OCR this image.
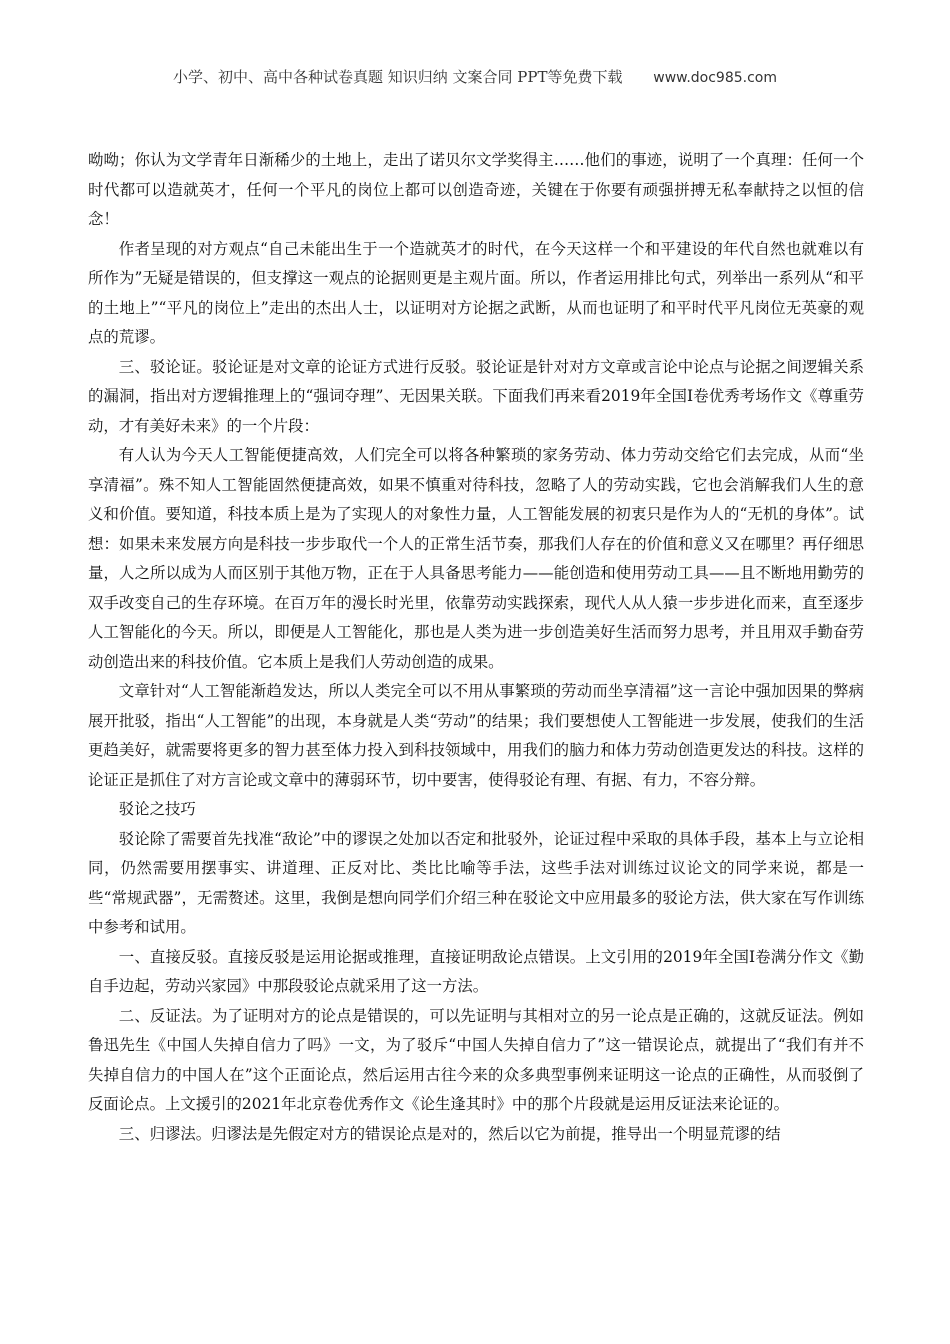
小学、初中、高中各种试卷真题 知识归纳 文案合同 PPT等免费下载 www.doc985.com

呦呦；你认为文学青年日渐稀少的土地上，走出了诺贝尔文学奖得主……他们的事迹，说明了一个真理：任何一个时代都可以造就英才，任何一个平凡的岗位上都可以创造奇迹，关键在于你要有顽强拼搏无私奉献持之以恒的信念！

作者呈现的对方观点“自己未能出生于一个造就英才的时代，在今天这样一个和平建设的年代自然也就难以有所作为”无疑是错误的，但支撑这一观点的论据则更是主观片面。所以，作者运用排比句式，列举出一系列从“和平的土地上”“平凡的岗位上”走出的杰出人士，以证明对方论据之武断，从而也证明了和平时代平凡岗位无英豪的观点的荒谬。

三、驳论证。驳论证是对文章的论证方式进行反驳。驳论证是针对对方文章或言论中论点与论据之间逻辑关系的漏洞，指出对方逻辑推理上的“强词夺理”、无因果关联。下面我们再来看2019年全国Ⅰ卷优秀考场作文《尊重劳动，才有美好未来》的一个片段：

有人认为今天人工智能便捷高效，人们完全可以将各种繁琐的家务劳动、体力劳动交给它们去完成，从而“坐享清福”。殊不知人工智能固然便捷高效，如果不慎重对待科技，忽略了人的劳动实践，它也会消解我们人生的意义和价值。要知道，科技本质上是为了实现人的对象性力量，人工智能发展的初衷只是作为人的“无机的身体”。试想：如果未来发展方向是科技一步步取代一个人的正常生活节奏，那我们人存在的价值和意义又在哪里？再仔细思量，人之所以成为人而区别于其他万物，正在于人具备思考能力——能创造和使用劳动工具——且不断地用勤劳的双手改变自己的生存环境。在百万年的漫长时光里，依靠劳动实践探索，现代人从人猿一步步进化而来，直至逐步人工智能化的今天。所以，即便是人工智能化，那也是人类为进一步创造美好生活而努力思考，并且用双手勤奋劳动创造出来的科技价值。它本质上是我们人劳动创造的成果。

文章针对“人工智能渐趋发达，所以人类完全可以不用从事繁琐的劳动而坐享清福”这一言论中强加因果的弊病展开批驳，指出“人工智能”的出现，本身就是人类“劳动”的结果；我们要想使人工智能进一步发展，使我们的生活更趋美好，就需要将更多的智力甚至体力投入到科技领域中，用我们的脑力和体力劳动创造更发达的科技。这样的论证正是抓住了对方言论或文章中的薄弱环节，切中要害，使得驳论有理、有据、有力，不容分辩。

驳论之技巧

驳论除了需要首先找准“敌论”中的谬误之处加以否定和批驳外，论证过程中采取的具体手段，基本上与立论相同，仍然需要用摆事实、讲道理、正反对比、类比比喻等手法，这些手法对训练过议论文的同学来说，都是一些“常规武器”，无需赘述。这里，我倒是想向同学们介绍三种在驳论文中应用最多的驳论方法，供大家在写作训练中参考和试用。

一、直接反驳。直接反驳是运用论据或推理，直接证明敌论点错误。上文引用的2019年全国Ⅰ卷满分作文《勤自手边起，劳动兴家园》中那段驳论点就采用了这一方法。

二、反证法。为了证明对方的论点是错误的，可以先证明与其相对立的另一论点是正确的，这就反证法。例如鲁迅先生《中国人失掉自信力了吗》一文，为了驳斥“中国人失掉自信力了”这一错误论点，就提出了“我们有并不失掉自信力的中国人在”这个正面论点，然后运用古往今来的众多典型事例来证明这一论点的正确性，从而驳倒了反面论点。上文援引的2021年北京卷优秀作文《论生逢其时》中的那个片段就是运用反证法来论证的。

三、归谬法。归谬法是先假定对方的错误论点是对的，然后以它为前提，推导出一个明显荒谬的结
